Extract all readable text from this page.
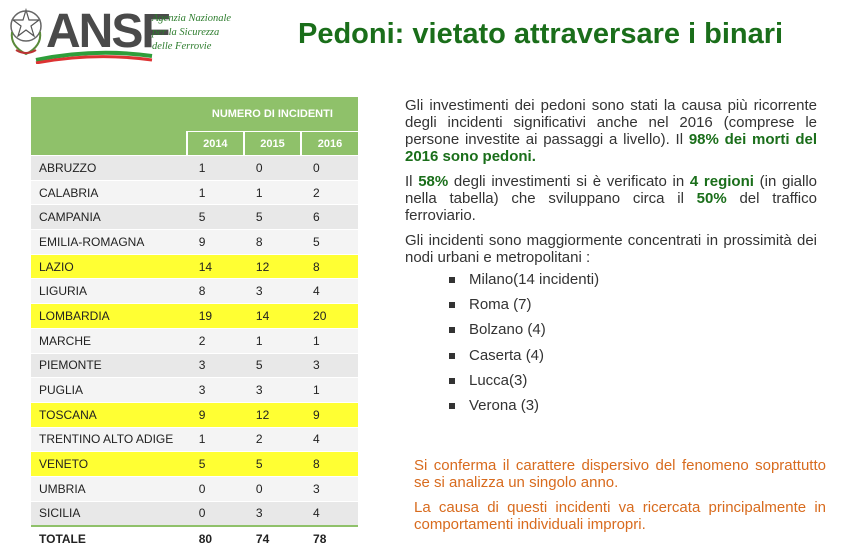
ANSF
Agenzia Nazionale
per la Sicurezza
delle Ferrovie	Pedoni: vietato attraversare i binari
	NUMERO DI INCIDENTI		
	2014	2015	2016
ABRUZZO	1	0	0
CALABRIA	1	1	2
CAMPANIA	5	5	6
EMILIA-ROMAGNA	9	8	5
LAZIO	14	12	8
LIGURIA	8	3	4
LOMBARDIA	19	14	20
MARCHE	2	1	1
PIEMONTE	3	5	3
PUGLIA	3	3	1
TOSCANA	9	12	9
TRENTINO ALTO ADIGE	1	2	4
VENETO	5	5	8
UMBRIA	0	0	3
SICILIA	0	3	4
TOTALE	80	74	78

Gli investimenti dei pedoni sono stati la causa più ricorrente degli incidenti significativi anche nel 2016 (comprese le persone investite ai passaggi a livello). Il 98% dei morti del 2016 sono pedoni.

Il 58% degli investimenti si è verificato in 4 regioni (in giallo nella tabella) che sviluppano circa il 50% del traffico ferroviario.

Gli incidenti sono maggiormente concentrati in prossimità dei nodi urbani e metropolitani :

Milano(14 incidenti)
Roma (7)
Bolzano (4)
Caserta (4)
Lucca(3)
Verona (3)

Si conferma il carattere dispersivo del fenomeno soprattutto se si analizza un singolo anno.

La causa di questi incidenti va ricercata principalmente in comportamenti individuali impropri.
